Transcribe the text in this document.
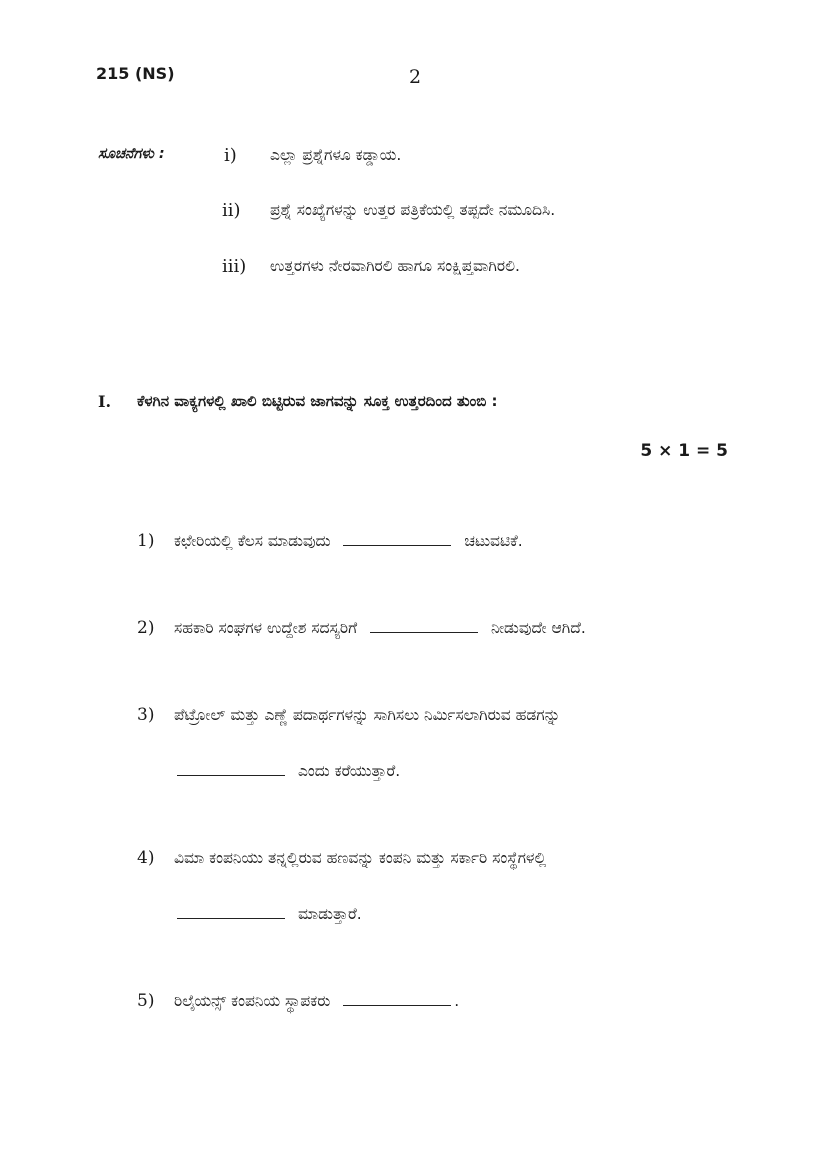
215 (NS)	2
ಸೂಚನೆಗಳು :	i) ಎಲ್ಲಾ ಪ್ರಶ್ನೆಗಳೂ ಕಡ್ಡಾಯ.
ii) ಪ್ರಶ್ನೆ ಸಂಖ್ಯೆಗಳನ್ನು ಉತ್ತರ ಪತ್ರಿಕೆಯಲ್ಲಿ ತಪ್ಪದೇ ನಮೂದಿಸಿ.
iii) ಉತ್ತರಗಳು ನೇರವಾಗಿರಲಿ ಹಾಗೂ ಸಂಕ್ಷಿಪ್ತವಾಗಿರಲಿ.
I. ಕೆಳಗಿನ ವಾಕ್ಯಗಳಲ್ಲಿ ಖಾಲಿ ಬಿಟ್ಟಿರುವ ಜಾಗವನ್ನು ಸೂಕ್ತ ಉತ್ತರದಿಂದ ತುಂಬಿ :
5 × 1 = 5
1) ಕಛೇರಿಯಲ್ಲಿ ಕೆಲಸ ಮಾಡುವುದು	ಚಟುವಟಿಕೆ.
2) ಸಹಕಾರಿ ಸಂಘಗಳ ಉದ್ದೇಶ ಸದಸ್ಯರಿಗೆ	ನೀಡುವುದೇ ಆಗಿದೆ.
3) ಪೆಟ್ರೋಲ್ ಮತ್ತು ಎಣ್ಣೆ ಪದಾರ್ಥಗಳನ್ನು ಸಾಗಿಸಲು ನಿರ್ಮಿಸಲಾಗಿರುವ ಹಡಗನ್ನು
ಎಂದು ಕರೆಯುತ್ತಾರೆ.
4) ವಿಮಾ ಕಂಪನಿಯು ತನ್ನಲ್ಲಿರುವ ಹಣವನ್ನು ಕಂಪನಿ ಮತ್ತು ಸರ್ಕಾರಿ ಸಂಸ್ಥೆಗಳಲ್ಲಿ
ಮಾಡುತ್ತಾರೆ.
5) ರಿಲೈಯನ್ಸ್ ಕಂಪನಿಯ ಸ್ಥಾಪಕರು	.
